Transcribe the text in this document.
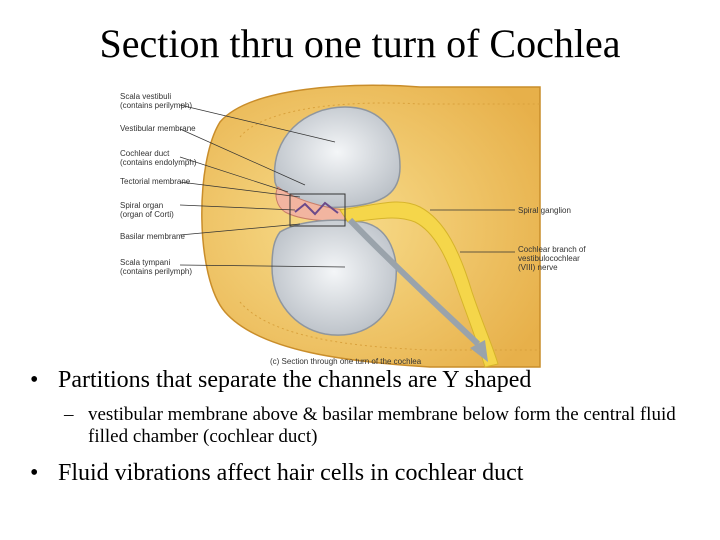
Section thru one turn of Cochlea
Scala vestibuli
(contains perilymph)
Vestibular membrane
Cochlear duct
(contains endolymph)
Tectorial membrane
Spiral organ
(organ of Corti)
Basilar membrane
Scala tympani
(contains perilymph)
Spiral ganglion
Cochlear branch of
vestibulocochlear
(VIII) nerve
(c) Section through one turn of the cochlea
• Partitions that separate the channels are Y shaped
– vestibular membrane above & basilar membrane below form the central fluid filled chamber (cochlear duct)
• Fluid vibrations affect hair cells in cochlear duct
